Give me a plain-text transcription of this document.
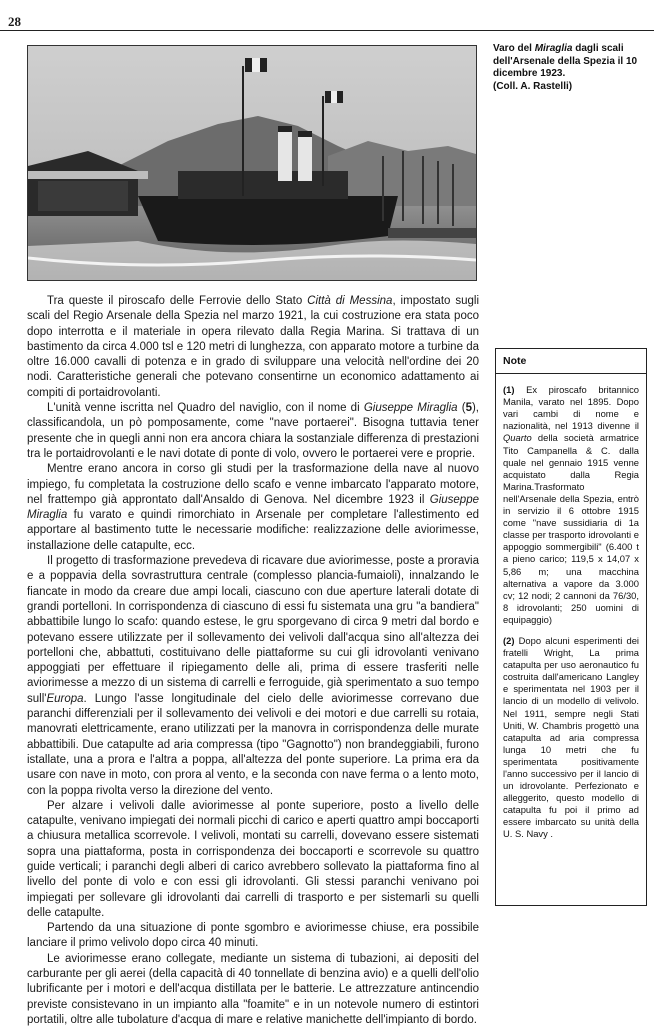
28
Varo del Miraglia dagli scali dell'Arsenale della Spezia il 10 dicembre 1923.
(Coll. A. Rastelli)

Tra queste il piroscafo delle Ferrovie dello Stato Città di Messina, impostato sugli scali del Regio Arsenale della Spezia nel marzo 1921, la cui costruzione era stata poco dopo interrotta e il materiale in opera rilevato dalla Regia Marina. Si trattava di un bastimento da circa 4.000 tsl e 120 metri di lunghezza, con apparato motore a turbine da oltre 16.000 cavalli di potenza e in grado di sviluppare una velocità nell'ordine dei 20 nodi. Caratteristiche generali che potevano consentirne un economico adattamento ai compiti di portaidrovolanti.

L'unità venne iscritta nel Quadro del naviglio, con il nome di Giuseppe Miraglia (5), classificandola, un pò pomposamente, come "nave portaerei". Bisogna tuttavia tener presente che in quegli anni non era ancora chiara la sostanziale differenza di prestazioni tra le portaidrovolanti e le navi dotate di ponte di volo, ovvero le portaerei vere e proprie.

Mentre erano ancora in corso gli studi per la trasformazione della nave al nuovo impiego, fu completata la costruzione dello scafo e venne imbarcato l'apparato motore, nel frattempo già approntato dall'Ansaldo di Genova. Nel dicembre 1923 il Giuseppe Miraglia fu varato e quindi rimorchiato in Arsenale per completare l'allestimento ed apportare al bastimento tutte le necessarie modifiche: realizzazione delle aviorimesse, installazione delle catapulte, ecc.

Il progetto di trasformazione prevedeva di ricavare due aviorimesse, poste a proravia e a poppavia della sovrastruttura centrale (complesso plancia-fumaioli), innalzando le fiancate in modo da creare due ampi locali, ciascuno con due aperture laterali dotate di grandi portelloni. In corrispondenza di ciascuno di essi fu sistemata una gru "a bandiera" abbattibile lungo lo scafo: quando estese, le gru sporgevano di circa 9 metri dal bordo e potevano essere utilizzate per il sollevamento dei velivoli dall'acqua sino all'altezza dei portelloni che, abbattuti, costituivano delle piattaforme su cui gli idrovolanti venivano appoggiati per effettuare il ripiegamento delle ali, prima di essere trasferiti nelle aviorimesse a mezzo di un sistema di carrelli e ferroguide, già sperimentato a suo tempo sull'Europa. Lungo l'asse longitudinale del cielo delle aviorimesse correvano due paranchi differenziali per il sollevamento dei velivoli e dei motori e due carrelli su rotaia, manovrati elettricamente, erano utilizzati per la manovra in corrispondenza delle murate abbattibili. Due catapulte ad aria compressa (tipo "Gagnotto") non brandeggiabili, furono istallate, una a prora e l'altra a poppa, all'altezza del ponte superiore. La prima era da usare con nave in moto, con prora al vento, e la seconda con nave ferma o a lento moto, con la poppa rivolta verso la direzione del vento.

Per alzare i velivoli dalle aviorimesse al ponte superiore, posto a livello delle catapulte, venivano impiegati dei normali picchi di carico e aperti quattro ampi boccaporti a chiusura metallica scorrevole. I velivoli, montati su carrelli, dovevano essere sistemati sopra una piattaforma, posta in corrispondenza dei boccaporti e scorrevole su quattro guide verticali; i paranchi degli alberi di carico avrebbero sollevato la piattaforma fino al livello del ponte di volo e con essi gli idrovolanti. Gli stessi paranchi venivano poi impiegati per sollevare gli idrovolanti dai carrelli di trasporto e per sistemarli su quelli delle catapulte.

Partendo da una situazione di ponte sgombro e aviorimesse chiuse, era possibile lanciare il primo velivolo dopo circa 40 minuti.

Le aviorimesse erano collegate, mediante un sistema di tubazioni, ai depositi del carburante per gli aerei (della capacità di 40 tonnellate di benzina avio) e a quelli dell'olio lubrificante per i motori e dell'acqua distillata per le batterie. Le attrezzature antincendio previste consistevano in un impianto alla "foamite" e in un notevole numero di estintori portatili, oltre alle tubolature d'acqua di mare e relative manichette dell'impianto di bordo.

Note

(1) Ex piroscafo britannico Manila, varato nel 1895. Dopo vari cambi di nome e nazionalità, nel 1913 divenne il Quarto della società armatrice Tito Campanella & C. dalla quale nel gennaio 1915 venne acquistato dalla Regia Marina.Trasformato nell'Arsenale della Spezia, entrò in servizio il 6 ottobre 1915 come "nave sussidiaria di 1a classe per trasporto idrovolanti e appoggio sommergibili" (6.400 t a pieno carico; 119,5 x 14,07 x 5,86 m; una macchina alternativa a vapore da 3.000 cv; 12 nodi; 2 cannoni da 76/30, 8 idrovolanti; 250 uomini di equipaggio)

(2) Dopo alcuni esperimenti dei fratelli Wright, La prima catapulta per uso aeronautico fu costruita dall'americano Langley e sperimentata nel 1903 per il lancio di un modello di velivolo. Nel 1911, sempre negli Stati Uniti, W. Chambris progettò una catapulta ad aria compressa lunga 10 metri che fu sperimentata positivamente l'anno successivo per il lancio di un idrovolante. Perfezionato e alleggerito, questo modello di catapulta fu poi il primo ad essere imbarcato su unità della U. S. Navy .
